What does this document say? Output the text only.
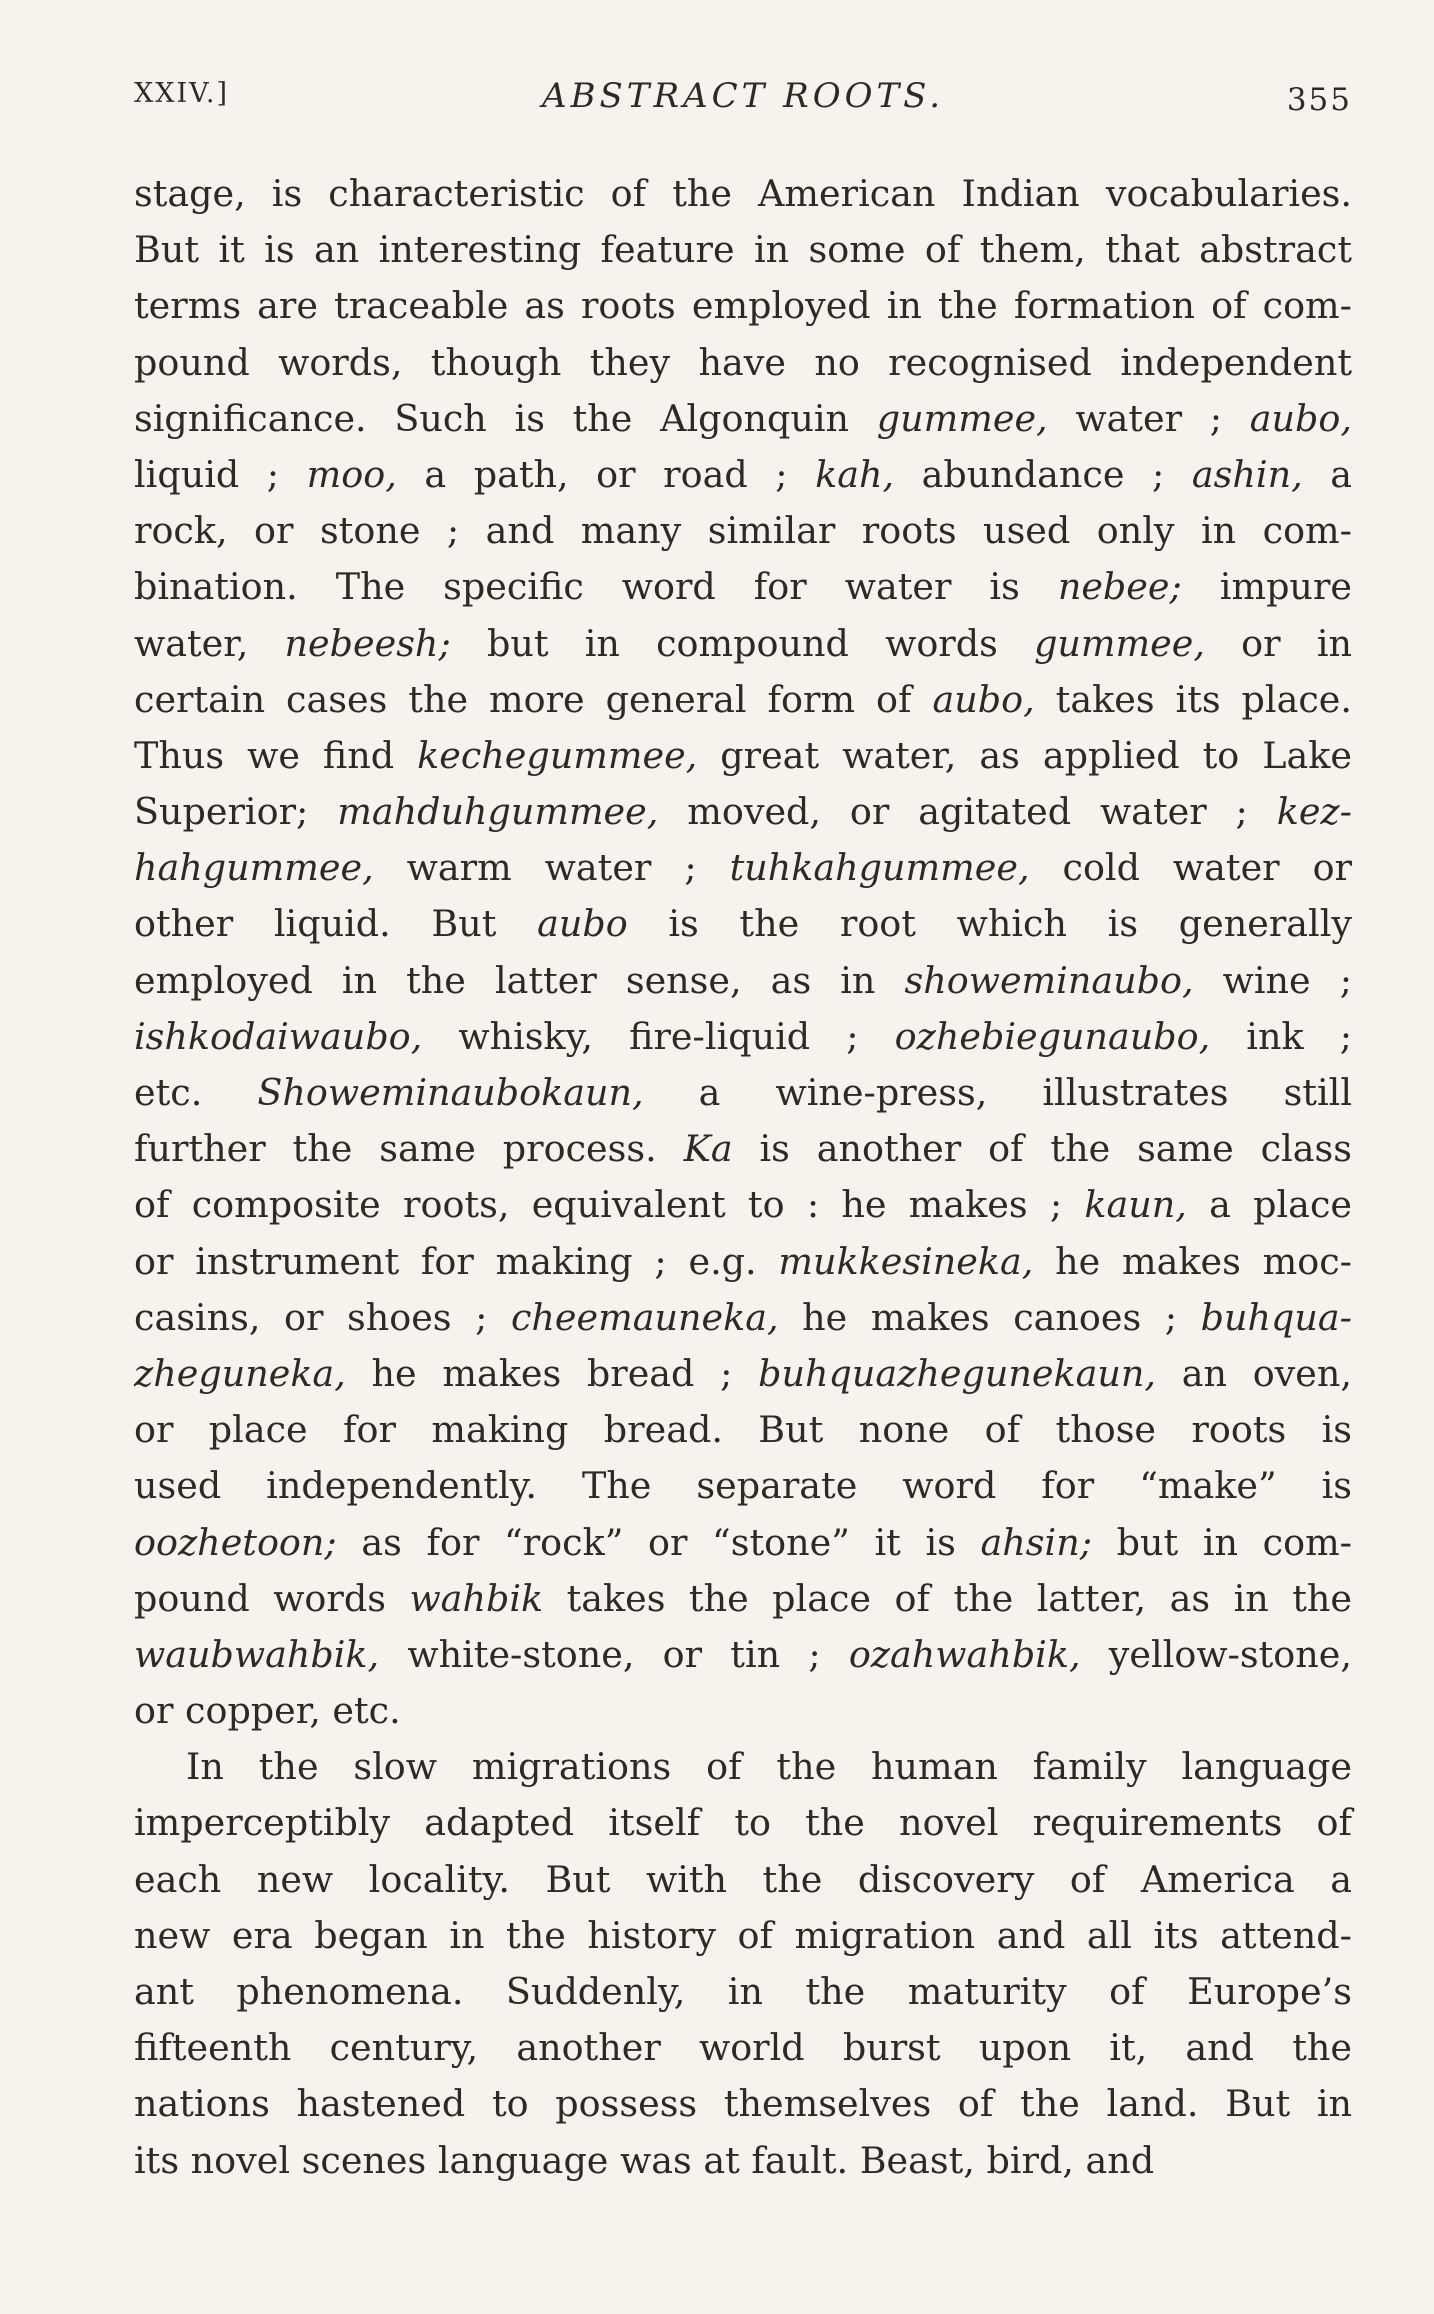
XXIV.]	ABSTRACT ROOTS.	355
stage, is characteristic of the American Indian vocabularies.
But it is an interesting feature in some of them, that abstract
terms are traceable as roots employed in the formation of com-
pound words, though they have no recognised independent
significance. Such is the Algonquin gummee, water ; aubo,
liquid ; moo, a path, or road ; kah, abundance ; ashin, a
rock, or stone ; and many similar roots used only in com-
bination. The specific word for water is nebee; impure
water, nebeesh; but in compound words gummee, or in
certain cases the more general form of aubo, takes its place.
Thus we find kechegummee, great water, as applied to Lake
Superior; mahduhgummee, moved, or agitated water ; kez-
hahgummee, warm water ; tuhkahgummee, cold water or
other liquid. But aubo is the root which is generally
employed in the latter sense, as in showeminaubo, wine ;
ishkodaiwaubo, whisky, fire-liquid ; ozhebiegunaubo, ink ;
etc. Showeminaubokaun, a wine-press, illustrates still
further the same process. Ka is another of the same class
of composite roots, equivalent to : he makes ; kaun, a place
or instrument for making ; e.g. mukkesineka, he makes moc-
casins, or shoes ; cheemauneka, he makes canoes ; buhqua-
zheguneka, he makes bread ; buhquazhegunekaun, an oven,
or place for making bread. But none of those roots is
used independently. The separate word for “make” is
oozhetoon; as for “rock” or “stone” it is ahsin; but in com-
pound words wahbik takes the place of the latter, as in the
waubwahbik, white-stone, or tin ; ozahwahbik, yellow-stone,
or copper, etc.
In the slow migrations of the human family language
imperceptibly adapted itself to the novel requirements of
each new locality. But with the discovery of America a
new era began in the history of migration and all its attend-
ant phenomena. Suddenly, in the maturity of Europe’s
fifteenth century, another world burst upon it, and the
nations hastened to possess themselves of the land. But in
its novel scenes language was at fault. Beast, bird, and
